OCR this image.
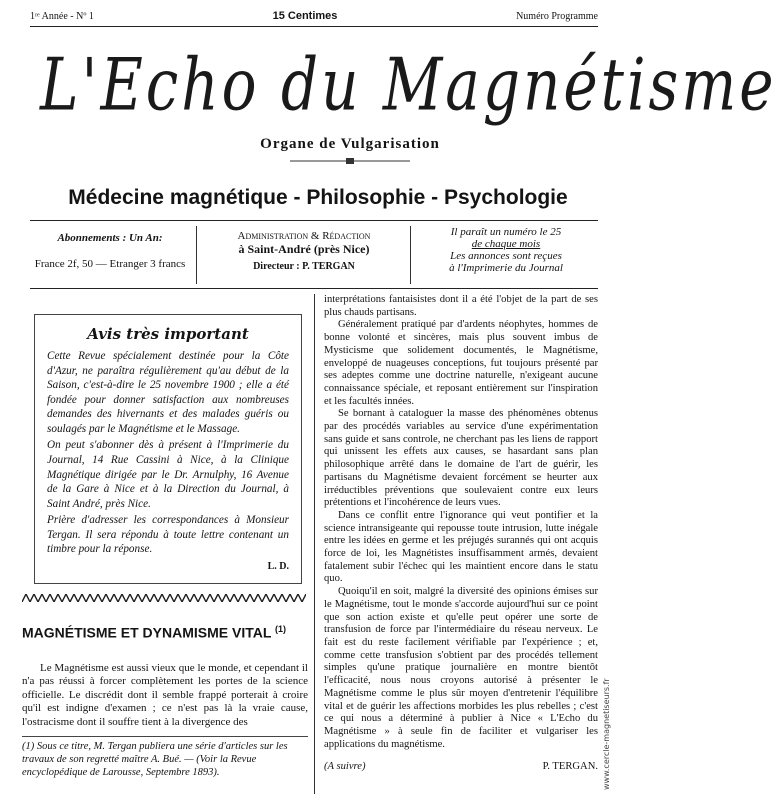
1ʳᵉ Année - Nº 1	15 Centimes	Numéro Programme
L'Echo du Magnétisme
Organe de Vulgarisation
Médecine magnétique - Philosophie - Psychologie
Abonnements : Un An:
France 2f, 50 — Etranger 3 francs
Administration & Rédaction
à Saint-André (près Nice)
Directeur : P. TERGAN
Il paraît un numéro le 25
de chaque mois
Les annonces sont reçues
à l'Imprimerie du Journal
Avis très important

Cette Revue spécialement destinée pour la Côte d'Azur, ne paraîtra régulièrement qu'au début de la Saison, c'est-à-dire le 25 novembre 1900 ; elle a été fondée pour donner satisfaction aux nombreuses demandes des hivernants et des malades guéris ou soulagés par le Magnétisme et le Massage.

On peut s'abonner dès à présent à l'Imprimerie du Journal, 14 Rue Cassini à Nice, à la Clinique Magnétique dirigée par le Dr. Arnulphy, 16 Avenue de la Gare à Nice et à la Direction du Journal, à Saint André, près Nice.

Prière d'adresser les correspondances à Monsieur Tergan. Il sera répondu à toute lettre contenant un timbre pour la réponse.

L. D.
MAGNÉTISME ET DYNAMISME VITAL $^{(1)}$

Le Magnétisme est aussi vieux que le monde, et cependant il n'a pas réussi à forcer complètement les portes de la science officielle. Le discrédit dont il semble frappé porterait à croire qu'il est indigne d'examen ; ce n'est pas là la vraie cause, l'ostracisme dont il souffre tient à la divergence des

(1) Sous ce titre, M. Tergan publiera une série d'articles sur les travaux de son regretté maître A. Bué. — (Voir la Revue encyclopédique de Larousse, Septembre 1893).

interprétations fantaisistes dont il a été l'objet de la part de ses plus chauds partisans.

Généralement pratiqué par d'ardents néophytes, hommes de bonne volonté et sincères, mais plus souvent imbus de Mysticisme que solidement documentés, le Magnétisme, enveloppé de nuageuses conceptions, fut toujours présenté par ses adeptes comme une doctrine naturelle, n'exigeant aucune connaissance spéciale, et reposant entièrement sur l'inspiration et les facultés innées.

Se bornant à cataloguer la masse des phénomènes obtenus par des procédés variables au service d'une expérimentation sans guide et sans controle, ne cherchant pas les liens de rapport qui unissent les effets aux causes, se hasardant sans plan philosophique arrêté dans le domaine de l'art de guérir, les partisans du Magnétisme devaient forcément se heurter aux irréductibles préventions que soulevaient contre eux leurs prétentions et l'incohérence de leurs vues.

Dans ce conflit entre l'ignorance qui veut pontifier et la science intransigeante qui repousse toute intrusion, lutte inégale entre les idées en germe et les préjugés surannés qui ont acquis force de loi, les Magnétistes insuffisamment armés, devaient fatalement subir l'échec qui les maintient encore dans le statu quo.

Quoiqu'il en soit, malgré la diversité des opinions émises sur le Magnétisme, tout le monde s'accorde aujourd'hui sur ce point que son action existe et qu'elle peut opérer une sorte de transfusion de force par l'intermédiaire du réseau nerveux. Le fait est du reste facilement vérifiable par l'expérience ; et, comme cette transfusion s'obtient par des procédés tellement simples qu'une pratique journalière en montre bientôt l'efficacité, nous nous croyons autorisé à présenter le Magnétisme comme le plus sûr moyen d'entretenir l'équilibre vital et de guérir les affections morbides les plus rebelles ; c'est ce qui nous a déterminé à publier à Nice « L'Echo du Magnétisme » à seule fin de faciliter et vulgariser les applications du magnétisme.

(A suivre)	P. TERGAN. www.cercle-magnetiseurs.fr
